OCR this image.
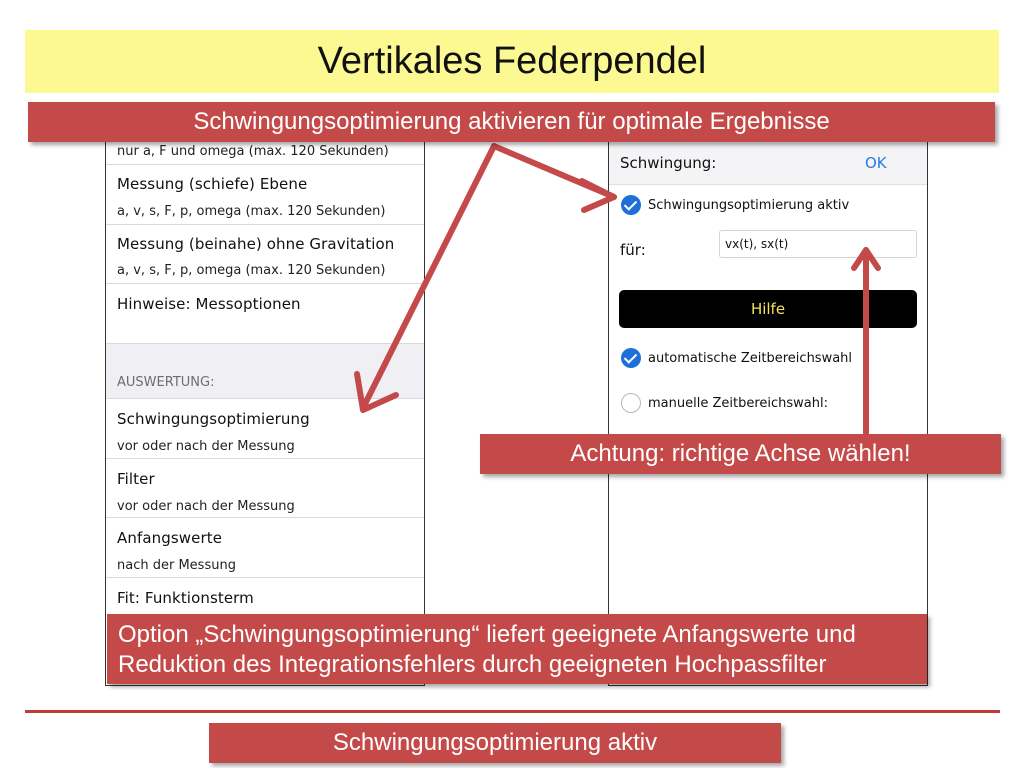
Vertikales Federpendel
nur a, F und omega (max. 120 Sekunden)
Messung (schiefe) Ebene
a, v, s, F, p, omega (max. 120 Sekunden)
Messung (beinahe) ohne Gravitation
a, v, s, F, p, omega (max. 120 Sekunden)
Hinweise: Messoptionen
AUSWERTUNG:
Schwingungsoptimierung
vor oder nach der Messung
Filter
vor oder nach der Messung
Anfangswerte
nach der Messung
Fit: Funktionsterm
Schwingung:	OK
Schwingungsoptimierung aktiv
für:	vx(t), sx(t)
Hilfe
automatische Zeitbereichswahl
manuelle Zeitbereichswahl:
Schwingungsoptimierung aktivieren für optimale Ergebnisse
Achtung: richtige Achse wählen!
Option „Schwingungsoptimierung“ liefert geeignete Anfangswerte und
Reduktion des Integrationsfehlers durch geeigneten Hochpassfilter
Schwingungsoptimierung aktiv
